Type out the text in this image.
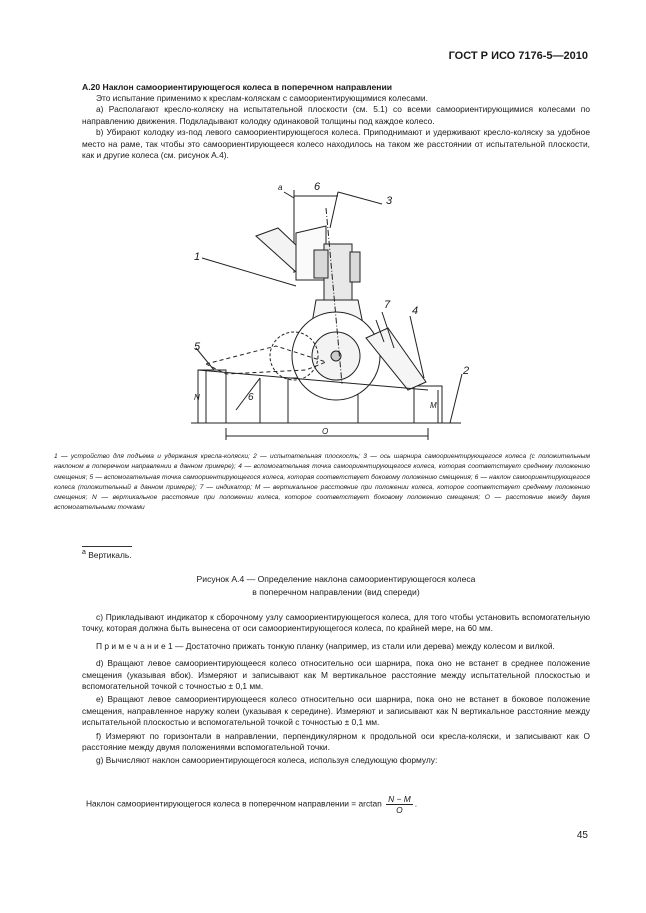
ГОСТ Р ИСО 7176-5—2010
A.20 Наклон самоориентирующегося колеса в поперечном направлении

Это испытание применимо к креслам-коляскам с самоориентирующимися колесами.

а) Располагают кресло-коляску на испытательной плоскости (см. 5.1) со всеми самоориентирующимися колесами по направлению движения. Подкладывают колодку одинаковой толщины под каждое колесо.

b) Убирают колодку из-под левого самоориентирующегося колеса. Приподнимают и удерживают кресло-коляску за удобное место на раме, так чтобы это самоориентирующееся колесо находилось на таком же расстоянии от испытательной плоскости, как и другие колеса (см. рисунок А.4).

а	6
3
1
7 4
5
2
N	6
M
O
1 — устройство для подъема и удержания кресла-коляски; 2 — испытательная плоскость; 3 — ось шарнира самоориентирующегося колеса (с положительным наклоном в поперечном направлении в данном примере); 4 — вспомогательная точка самоориентирующегося колеса, которая соответствует среднему положению смещения; 5 — вспомогательная точка самоориентирующегося колеса, которая соответствует боковому положению смещения; 6 — наклон самоориентирующегося колеса (положительный в данном примере); 7 — индикатор; M — вертикальное расстояние при положении колеса, которое соответствует среднему положению смещения; N — вертикальное расстояние при положении колеса, которое соответствует боковому положению смещения; O — расстояние между двумя вспомогательными точками
$^а$ Вертикаль.
Рисунок А.4 — Определение наклона самоориентирующегося колеса
в поперечном направлении (вид спереди)

с) Прикладывают индикатор к сборочному узлу самоориентирующегося колеса, для того чтобы установить вспомогательную точку, которая должна быть вынесена от оси самоориентирующегося колеса, по крайней мере, на 60 мм.

П р и м е ч а н и е 1 — Достаточно прижать тонкую планку (например, из стали или дерева) между колесом и вилкой.

d) Вращают левое самоориентирующееся колесо относительно оси шарнира, пока оно не встанет в среднее положение смещения (указывая вбок). Измеряют и записывают как M вертикальное расстояние между испытательной плоскостью и вспомогательной точкой с точностью ± 0,1 мм.

е) Вращают левое самоориентирующееся колесо относительно оси шарнира, пока оно не встанет в боковое положение смещения, направленное наружу колеи (указывая к середине). Измеряют и записывают как N вертикальное расстояние между испытательной плоскостью и вспомогательной точкой с точностью ± 0,1 мм.

f) Измеряют по горизонтали в направлении, перпендикулярном к продольной оси кресла-коляски, и записывают как O расстояние между двумя положениями вспомогательной точки.

g) Вычисляют наклон самоориентирующегося колеса, используя следующую формулу:

Наклон самоориентирующегося колеса в поперечном направлении = $\arctan \frac{N - M}{O}$ .
45
